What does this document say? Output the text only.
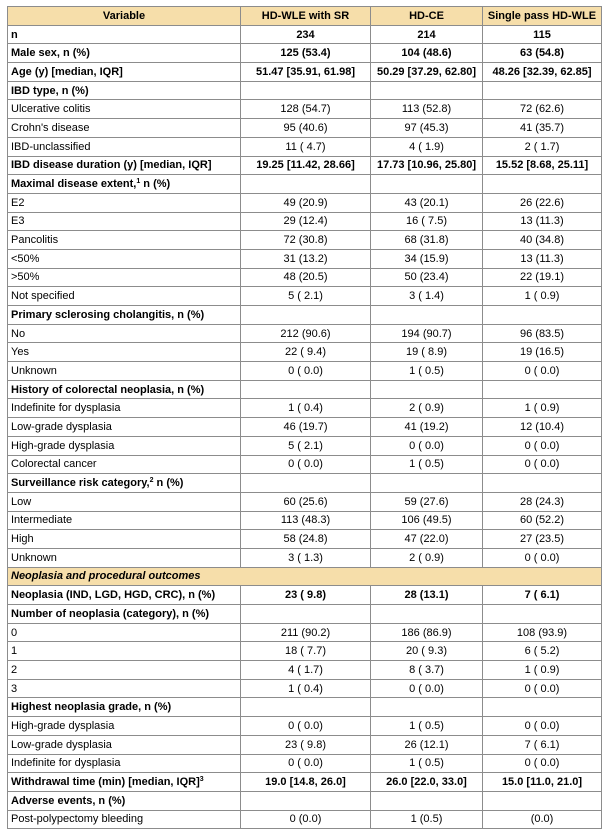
Variable	HD-WLE with SR	HD-CE	Single pass HD-WLE
n	234	214	115
Male sex, n (%)	125 (53.4)	104 (48.6)	63 (54.8)
Age (y) [median, IQR]	51.47 [35.91, 61.98]	50.29 [37.29, 62.80]	48.26 [32.39, 62.85]
IBD type, n (%)			
Ulcerative colitis	128 (54.7)	113 (52.8)	72 (62.6)
Crohn's disease	95 (40.6)	97 (45.3)	41 (35.7)
IBD-unclassified	11 ( 4.7)	4 ( 1.9)	2 ( 1.7)
IBD disease duration (y) [median, IQR]	19.25 [11.42, 28.66]	17.73 [10.96, 25.80]	15.52 [8.68, 25.11]
Maximal disease extent,$^1$ n (%)			
E2	49 (20.9)	43 (20.1)	26 (22.6)
E3	29 (12.4)	16 ( 7.5)	13 (11.3)
Pancolitis	72 (30.8)	68 (31.8)	40 (34.8)
<50%	31 (13.2)	34 (15.9)	13 (11.3)
>50%	48 (20.5)	50 (23.4)	22 (19.1)
Not specified	5 ( 2.1)	3 ( 1.4)	1 ( 0.9)
Primary sclerosing cholangitis, n (%)			
No	212 (90.6)	194 (90.7)	96 (83.5)
Yes	22 ( 9.4)	19 ( 8.9)	19 (16.5)
Unknown	0 ( 0.0)	1 ( 0.5)	0 ( 0.0)
History of colorectal neoplasia, n (%)			
Indefinite for dysplasia	1 ( 0.4)	2 ( 0.9)	1 ( 0.9)
Low-grade dysplasia	46 (19.7)	41 (19.2)	12 (10.4)
High-grade dysplasia	5 ( 2.1)	0 ( 0.0)	0 ( 0.0)
Colorectal cancer	0 ( 0.0)	1 ( 0.5)	0 ( 0.0)
Surveillance risk category,$^2$ n (%)			
Low	60 (25.6)	59 (27.6)	28 (24.3)
Intermediate	113 (48.3)	106 (49.5)	60 (52.2)
High	58 (24.8)	47 (22.0)	27 (23.5)
Unknown	3 ( 1.3)	2 ( 0.9)	0 ( 0.0)
Neoplasia and procedural outcomes			
Neoplasia (IND, LGD, HGD, CRC), n (%)	23 ( 9.8)	28 (13.1)	7 ( 6.1)
Number of neoplasia (category), n (%)			
0	211 (90.2)	186 (86.9)	108 (93.9)
1	18 ( 7.7)	20 ( 9.3)	6 ( 5.2)
2	4 ( 1.7)	8 ( 3.7)	1 ( 0.9)
3	1 ( 0.4)	0 ( 0.0)	0 ( 0.0)
Highest neoplasia grade, n (%)			
High-grade dysplasia	0 ( 0.0)	1 ( 0.5)	0 ( 0.0)
Low-grade dysplasia	23 ( 9.8)	26 (12.1)	7 ( 6.1)
Indefinite for dysplasia	0 ( 0.0)	1 ( 0.5)	0 ( 0.0)
Withdrawal time (min) [median, IQR]$^3$	19.0 [14.8, 26.0]	26.0 [22.0, 33.0]	15.0 [11.0, 21.0]
Adverse events, n (%)			
Post-polypectomy bleeding	0 (0.0)	1 (0.5)	(0.0)
